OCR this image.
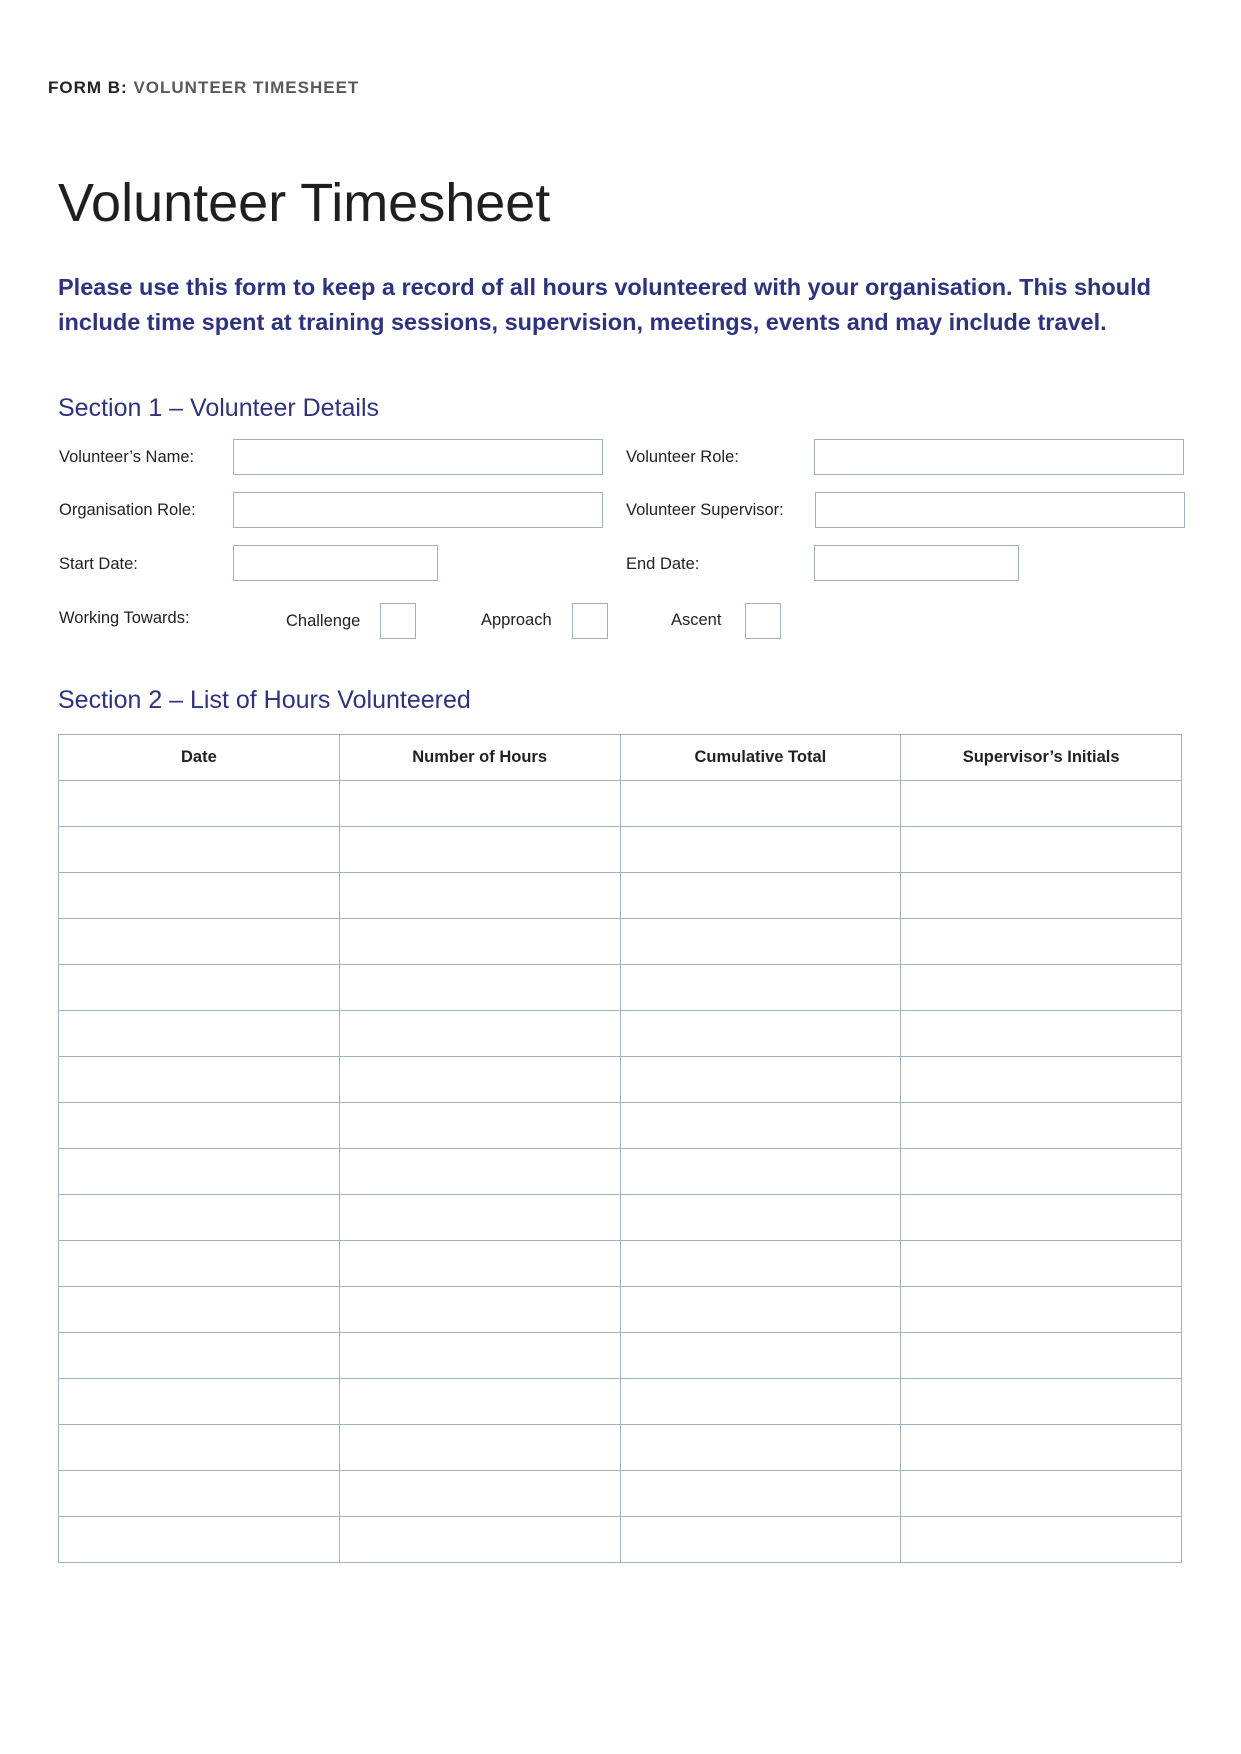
FORM B: VOLUNTEER TIMESHEET
Volunteer Timesheet

Please use this form to keep a record of all hours volunteered with your organisation. This should include time spent at training sessions, supervision, meetings, events and may include travel.

Section 1 – Volunteer Details
Volunteer’s Name:	Volunteer Role:
Organisation Role:	Volunteer Supervisor:
Start Date:	End Date:
Working Towards:	Challenge	Approach	Ascent
Section 2 – List of Hours Volunteered
Date	Number of Hours	Cumulative Total	Supervisor’s Initials
